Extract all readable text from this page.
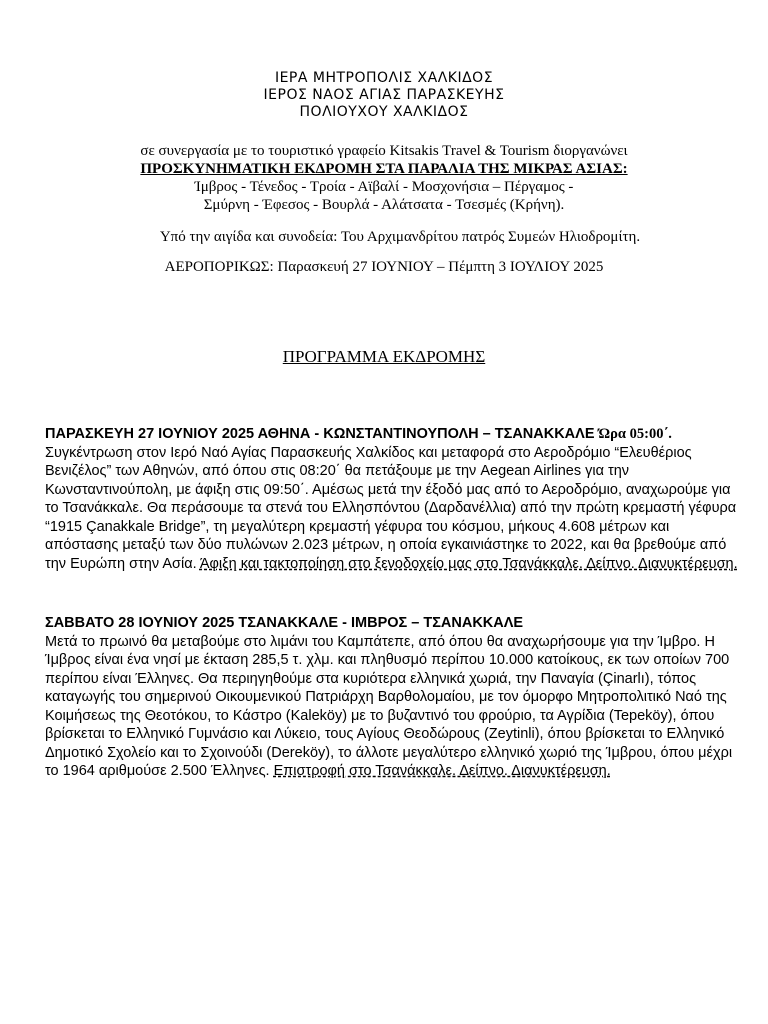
ΙΕΡΑ ΜΗΤΡΟΠΟΛΙΣ ΧΑΛΚΙΔΟΣ
ΙΕΡΟΣ ΝΑΟΣ ΑΓΙΑΣ ΠΑΡΑΣΚΕΥΗΣ
ΠΟΛΙΟΥΧΟΥ ΧΑΛΚΙΔΟΣ
σε συνεργασία με το τουριστικό γραφείο Kitsakis Travel & Tourism διοργανώνει
ΠΡΟΣΚΥΝΗΜΑΤΙΚΗ ΕΚΔΡΟΜΗ ΣΤΑ ΠΑΡΑΛΙΑ ΤΗΣ ΜΙΚΡΑΣ ΑΣΙΑΣ:
Ίμβρος - Τένεδος - Τροία - Αϊβαλί - Μοσχονήσια – Πέργαμος -
Σμύρνη - Έφεσος - Βουρλά - Αλάτσατα - Τσεσμές (Κρήνη).
Υπό την αιγίδα και συνοδεία: Του Αρχιμανδρίτου πατρός Συμεών Ηλιοδρομίτη.
ΑΕΡΟΠΟΡΙΚΩΣ: Παρασκευή 27 ΙΟΥΝΙΟΥ – Πέμπτη 3 ΙΟΥΛΙΟΥ 2025
ΠΡΟΓΡΑΜΜΑ ΕΚΔΡΟΜΗΣ
ΠΑΡΑΣΚΕΥΗ 27 ΙΟΥΝΙΟΥ 2025 ΑΘΗΝΑ - ΚΩΝΣΤΑΝΤΙΝΟΥΠΟΛΗ – ΤΣΑΝΑΚΚΑΛΕ Ώρα 05:00΄. Συγκέντρωση στον Ιερό Ναό Αγίας Παρασκευής Χαλκίδος και μεταφορά στο Αεροδρόμιο “Ελευθέριος Βενιζέλος” των Αθηνών, από όπου στις 08:20΄ θα πετάξουμε με την Aegean Airlines για την Κωνσταντινούπολη, με άφιξη στις 09:50΄. Αμέσως μετά την έξοδό μας από το Αεροδρόμιο, αναχωρούμε για το Τσανάκκαλε. Θα περάσουμε τα στενά του Ελλησπόντου (Δαρδανέλλια) από την πρώτη κρεμαστή γέφυρα “1915 Çanakkale Bridge”, τη μεγαλύτερη κρεμαστή γέφυρα του κόσμου, μήκους 4.608 μέτρων και απόστασης μεταξύ των δύο πυλώνων 2.023 μέτρων, η οποία εγκαινιάστηκε το 2022, και θα βρεθούμε από την Ευρώπη στην Ασία. Άφιξη και τακτοποίηση στο ξενοδοχείο μας στο Τσανάκκαλε. Δείπνο. Διανυκτέρευση.
ΣΑΒΒΑΤΟ 28 ΙΟΥΝΙΟΥ 2025 ΤΣΑΝΑΚΚΑΛΕ - ΙΜΒΡΟΣ – ΤΣΑΝΑΚΚΑΛΕ
Μετά το πρωινό θα μεταβούμε στο λιμάνι του Καμπάτεπε, από όπου θα αναχωρήσουμε για την Ίμβρο. Η Ίμβρος είναι ένα νησί με έκταση 285,5 τ. χλμ. και πληθυσμό περίπου 10.000 κατοίκους, εκ των οποίων 700 περίπου είναι Έλληνες. Θα περιηγηθούμε στα κυριότερα ελληνικά χωριά, την Παναγία (Çinarlı), τόπος καταγωγής του σημερινού Οικουμενικού Πατριάρχη Βαρθολομαίου, με τον όμορφο Μητροπολιτικό Ναό της Κοιμήσεως της Θεοτόκου, το Κάστρο (Kaleköy) με το βυζαντινό του φρούριο, τα Αγρίδια (Tepeköy), όπου βρίσκεται το Ελληνικό Γυμνάσιο και Λύκειο, τους Αγίους Θεοδώρους (Zeytinli), όπου βρίσκεται το Ελληνικό Δημοτικό Σχολείο και το Σχοινούδι (Dereköy), το άλλοτε μεγαλύτερο ελληνικό χωριό της Ίμβρου, όπου μέχρι το 1964 αριθμούσε 2.500 Έλληνες. Επιστροφή στο Τσανάκκαλε. Δείπνο. Διανυκτέρευση.
